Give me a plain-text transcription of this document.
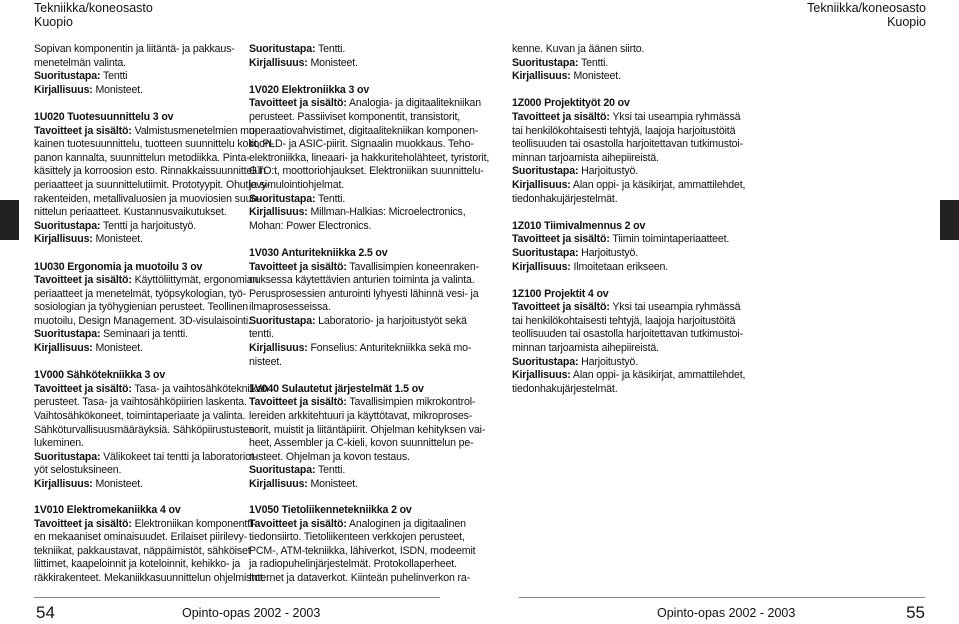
Tekniikka/koneosasto
Kuopio
Tekniikka/koneosasto
Kuopio
Sopivan komponentin ja liitäntä- ja pakkaus-
menetelmän valinta.
Suoritustapa: Tentti
Kirjallisuus: Monisteet.
1U020 Tuotesuunnittelu 3 ov
Tavoitteet ja sisältö: Valmistusmenetelmien mu-
kainen tuotesuunnittelu, tuotteen suunnittelu kokoon-
panon kannalta, suunnittelun metodiikka. Pinta-
käsittely ja korroosion esto. Rinnakkaissuunnittelun
periaatteet ja suunnittelutiimit. Prototyypit. Ohutlevy-
rakenteiden, metallivaluosien ja muoviosien suun-
nittelun periaatteet. Kustannusvaikutukset.
Suoritustapa: Tentti ja harjoitustyö.
Kirjallisuus: Monisteet.
1U030 Ergonomia ja muotoilu 3 ov
Tavoitteet ja sisältö: Käyttöliittymät, ergonomian
periaatteet ja menetelmät, työpsykologian, työ-
sosiologian ja työhygienian perusteet. Teollinen
muotoilu, Design Management. 3D-visulaisointi.
Suoritustapa: Seminaari ja tentti.
Kirjallisuus: Monisteet.
1V000 Sähkötekniikka 3 ov
Tavoitteet ja sisältö: Tasa- ja vaihtosähkötekniikan
perusteet. Tasa- ja vaihtosähköpiirien laskenta.
Vaihtosähkökoneet, toimintaperiaate ja valinta.
Sähköturvallisuusmääräyksiä. Sähköpiirustusten
lukeminen.
Suoritustapa: Välikokeet tai tentti ja laboratoriot-
yöt selostuksineen.
Kirjallisuus: Monisteet.
1V010 Elektromekaniikka 4 ov
Tavoitteet ja sisältö: Elektroniikan komponentti-
en mekaaniset ominaisuudet. Erilaiset piirilevy-
tekniikat, pakkaustavat, näppäimistöt, sähköiset
liittimet, kaapeloinnit ja koteloinnit, kehikko- ja
räkkirakenteet. Mekaniikkasuunnittelun ohjelmistot.
Suoritustapa: Tentti.
Kirjallisuus: Monisteet.
1V020 Elektroniikka 3 ov
Tavoitteet ja sisältö: Analogia- ja digitaalitekniikan
perusteet. Passiiviset komponentit, transistorit,
operaatiovahvistimet, digitaalitekniikan komponen-
tit, PLD- ja ASIC-piirit. Signaalin muokkaus. Teho-
elektroniikka, lineaari- ja hakkuriteholähteet, tyristorit,
GTO:t, moottoriohjaukset. Elektroniikan suunnittelu-
ja simulointiohjelmat.
Suoritustapa: Tentti.
Kirjallisuus: Millman-Halkias: Microelectronics,
Mohan: Power Electronics.
1V030 Anturitekniikka 2.5 ov
Tavoitteet ja sisältö: Tavallisimpien koneenraken-
nuksessa käytettävien anturien toiminta ja valinta.
Perusprosessien anturointi lyhyesti lähinnä vesi- ja
ilmaprosesseissa.
Suoritustapa: Laboratorio- ja harjoitustyöt sekä
tentti.
Kirjallisuus: Fonselius: Anturitekniikka sekä mo-
nisteet.
1V040 Sulautetut järjestelmät 1.5 ov
Tavoitteet ja sisältö: Tavallisimpien mikrokontrol-
lereiden arkkitehtuuri ja käyttötavat, mikroproses-
sorit, muistit ja liitäntäpiirit. Ohjelman kehityksen vai-
heet, Assembler ja C-kieli, kovon suunnittelun pe-
rusteet. Ohjelman ja kovon testaus.
Suoritustapa: Tentti.
Kirjallisuus: Monisteet.
1V050 Tietoliikennetekniikka 2 ov
Tavoitteet ja sisältö: Analoginen ja digitaalinen
tiedonsiirto. Tietoliikenteen verkkojen perusteet,
PCM-, ATM-tekniikka, lähiverkot, ISDN, modeemit
ja radiopuhelinjärjestelmät. Protokollaperheet.
Internet ja dataverkot. Kiinteän puhelinverkon ra-
kenne. Kuvan ja äänen siirto.
Suoritustapa: Tentti.
Kirjallisuus: Monisteet.
1Z000 Projektityöt 20 ov
Tavoitteet ja sisältö: Yksi tai useampia ryhmässä
tai henkilökohtaisesti tehtyjä, laajoja harjoitustöitä
teollisuuden tai osastolla harjoitettavan tutkimustoi-
minnan tarjoamista aihepiireistä.
Suoritustapa: Harjoitustyö.
Kirjallisuus: Alan oppi- ja käsikirjat, ammattilehdet,
tiedonhakujärjestelmät.
1Z010 Tiimivalmennus 2 ov
Tavoitteet ja sisältö: Tiimin toimintaperiaatteet.
Suoritustapa: Harjoitustyö.
Kirjallisuus: Ilmoitetaan erikseen.
1Z100 Projektit 4 ov
Tavoitteet ja sisältö: Yksi tai useampia ryhmässä
tai henkilökohtaisesti tehtyjä, laajoja harjoitustöitä
teollisuuden tai osastolla harjoitettavan tutkimustoi-
minnan tarjoamista aihepiireistä.
Suoritustapa: Harjoitustyö.
Kirjallisuus: Alan oppi- ja käsikirjat, ammattilehdet,
tiedonhakujärjestelmät.
54	Opinto-opas 2002 - 2003	Opinto-opas 2002 - 2003	55
